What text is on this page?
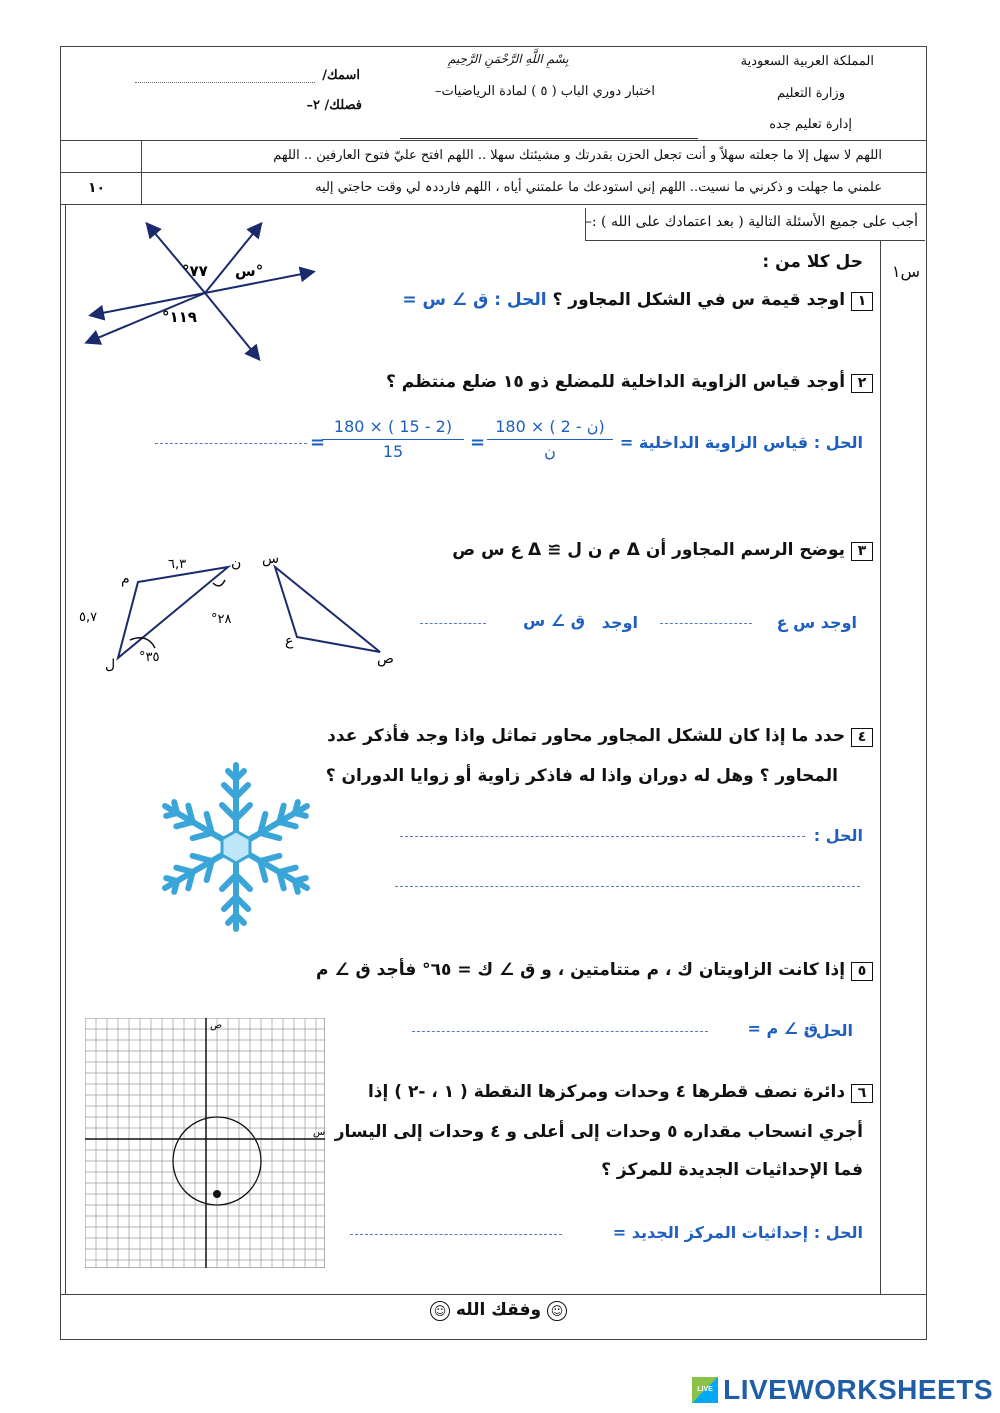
المملكة العربية السعودية
وزارة التعليم
إدارة تعليم جده
بِسْمِ اللَّهِ الرَّحْمَنِ الرَّحِيمِ
اختبار دوري الباب ( ٥ ) لمادة الرياضيات–
اسمك/
فصلك/ ٢–
اللهم لا سهل إلا ما جعلته سهلاً و أنت تجعل الحزن بقدرتك و مشيئتك سهلا .. اللهم افتح عليّ فتوح العارفين .. اللهم
علمني ما جهلت و ذكرني ما نسيت.. اللهم إني استودعك ما علمتني أياه ، اللهم فارددہ لي وقت حاجتي إليه
١٠
أجب على جميع الأسئلة التالية ( بعد اعتمادك على الله ) :–
س١
حل كلا من :
°٧٧ س°
°١١٩
١ اوجد قيمة س في الشكل المجاور ؟ الحل : ق ∠ س =
٢ أوجد قياس الزاوية الداخلية للمضلع ذو ١٥ ضلع منتظم ؟
الحل : قياس الزاوية الداخلية =
180 × ( ن - 2)
ن
=
$\frac{180 \times ( 15 - 2)}{15}$
=
م
ن
ل
٦,٣
٥,٧	°٢٨
°٣٥
س
ع
ص
٣ يوضح الرسم المجاور أن Δ م ن ل ≅ Δ ع س ص
اوجد س ع
ق ∠ س اوجد
٤ حدد ما إذا كان للشكل المجاور محاور تماثل واذا وجد فأذكر عدد
المحاور ؟ وهل له دوران واذا له فاذكر زاوية أو زوايا الدوران ؟
الحل :
٥ إذا كانت الزاويتان ك ، م متتامتين ، و ق ∠ ك = ٦٥° فأجد ق ∠ م
الحل :
ق ∠ م =
س
ص
٦ دائرة نصف قطرها ٤ وحدات ومركزها النقطة ( ١ ، -٢ ) إذا
أجري انسحاب مقداره ٥ وحدات إلى أعلى و ٤ وحدات إلى اليسار
فما الإحداثيات الجديدة للمركز ؟
الحل : إحداثيات المركز الجديد =
☺ وفقك الله ☺
LIVE LIVEWORKSHEETS
